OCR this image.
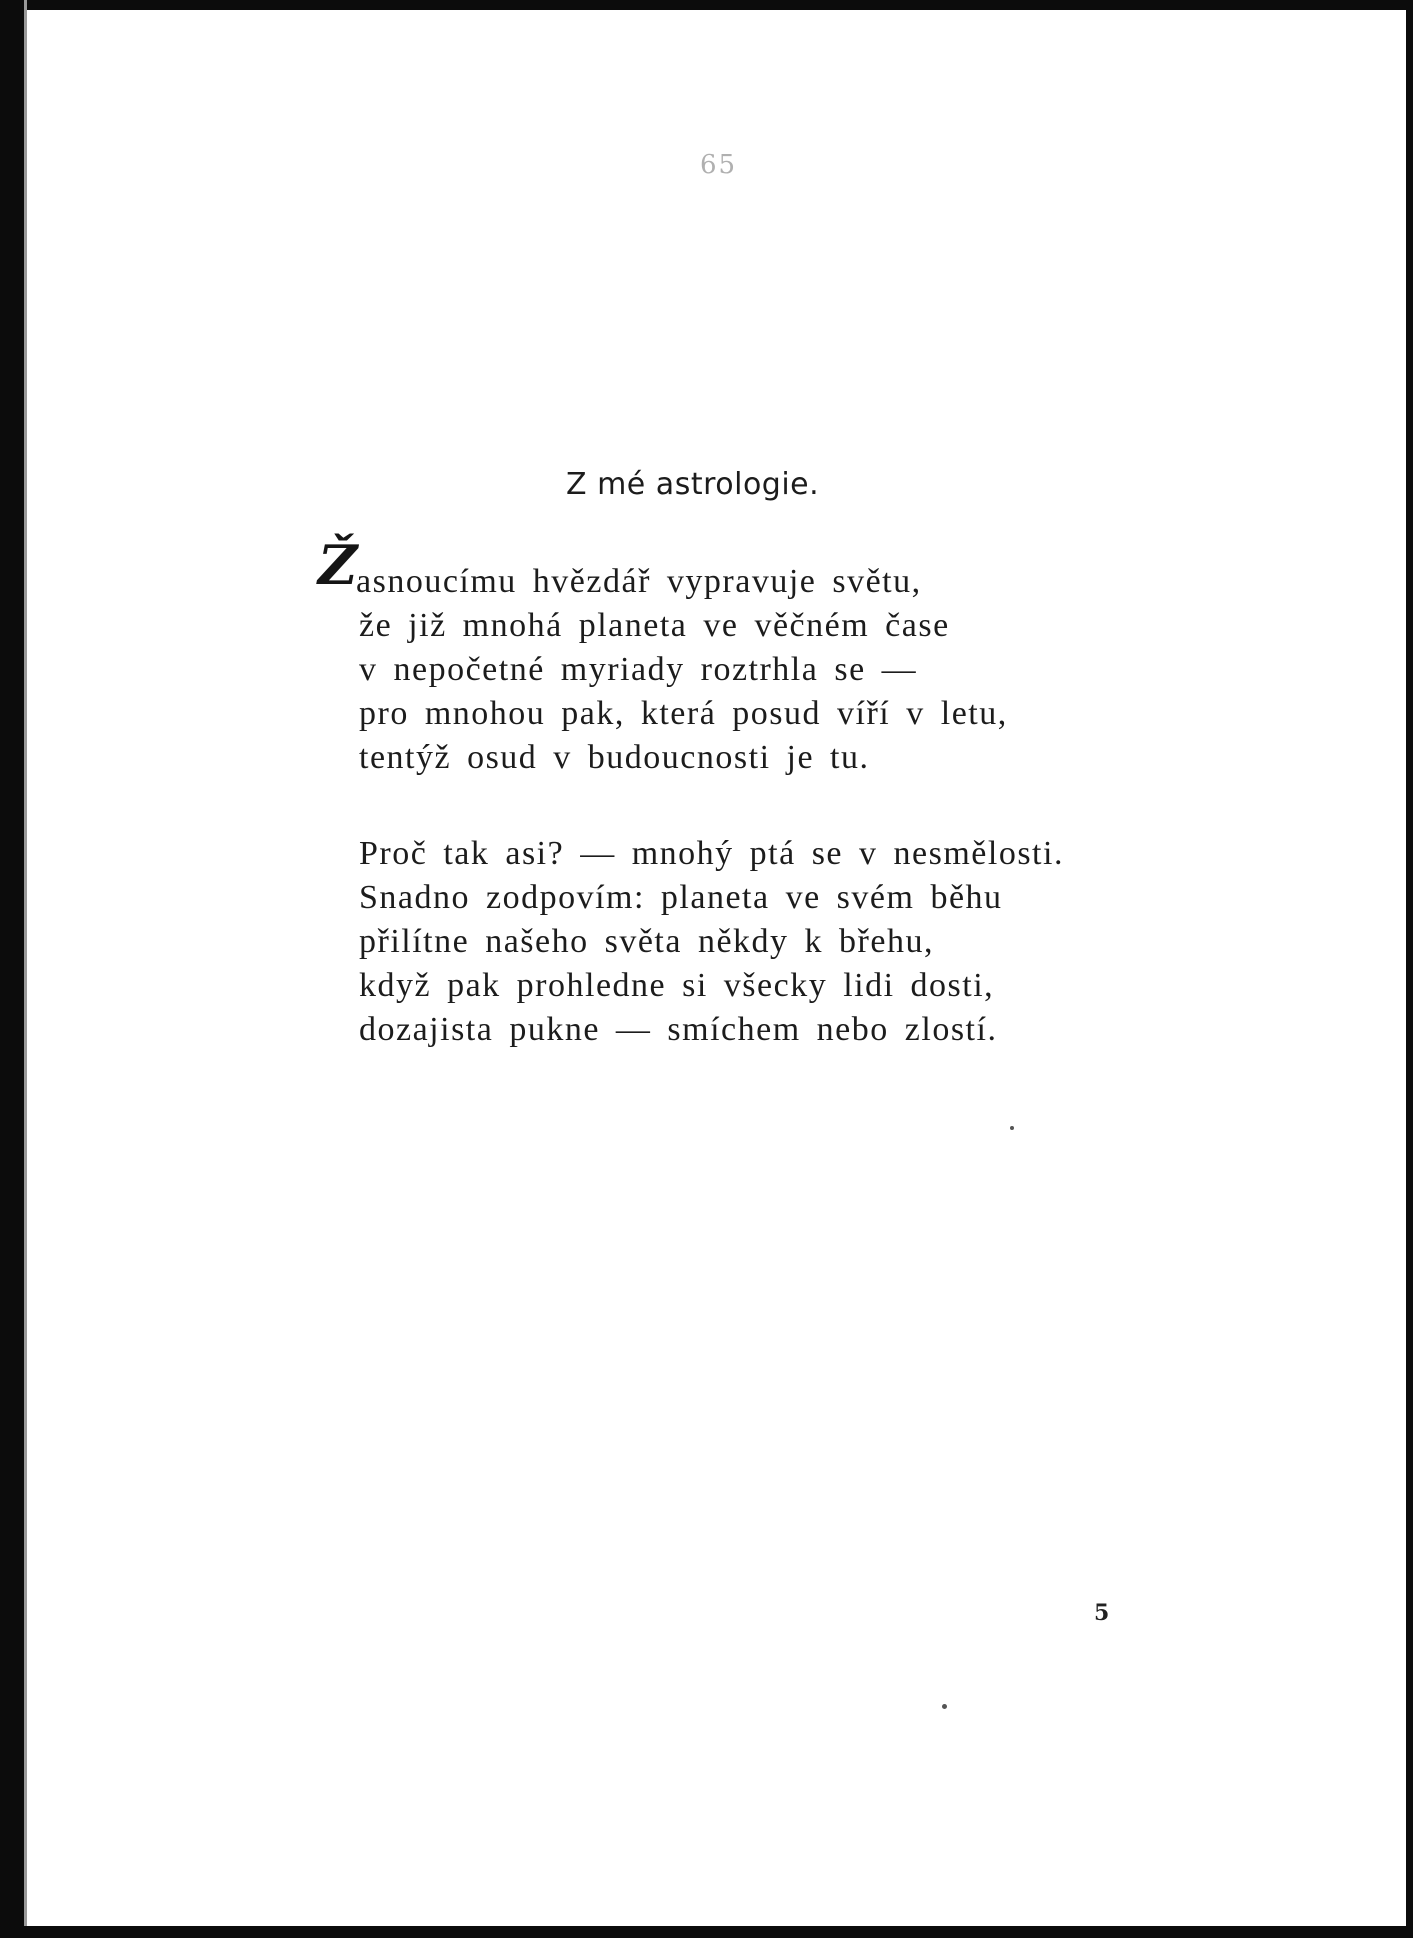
65
Z mé astrologie.
Ž
asnoucímu hvězdář vypravuje světu,
že již mnohá planeta ve věčném čase
v nepočetné myriady roztrhla se —
pro mnohou pak, která posud víří v letu,
tentýž osud v budoucnosti je tu.
Proč tak asi? — mnohý ptá se v nesmělosti.
Snadno zodpovím: planeta ve svém běhu
přilítne našeho světa někdy k břehu,
když pak prohledne si všecky lidi dosti,
dozajista pukne — smíchem nebo zlostí.
5
